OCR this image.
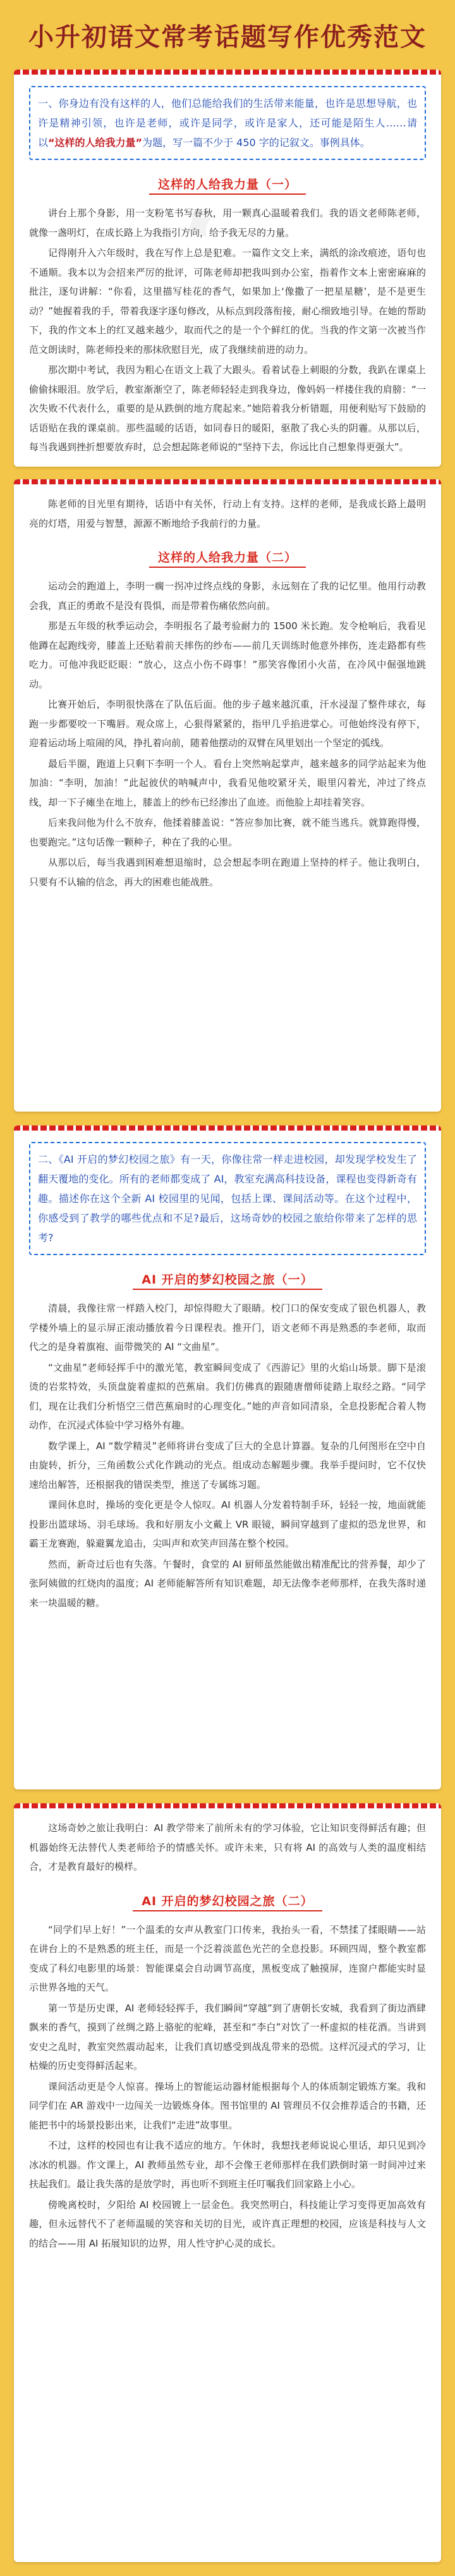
小升初语文常考话题写作优秀范文
✦
一、你身边有没有这样的人，他们总能给我们的生活带来能量，也许是思想导航，也许是精神引领，也许是老师，或许是同学，或许是家人，还可能是陌生人……请以“这样的人给我力量”为题，写一篇不少于 450 字的记叙文。事例具体。
这样的人给我力量（一）

讲台上那个身影，用一支粉笔书写春秋，用一颗真心温暖着我们。我的语文老师陈老师，就像一盏明灯，在成长路上为我指引方向，给予我无尽的力量。

记得刚升入六年级时，我在写作上总是犯难。一篇作文交上来，满纸的涂改痕迹，语句也不通顺。我本以为会招来严厉的批评，可陈老师却把我叫到办公室，指着作文本上密密麻麻的批注，逐句讲解：“你看，这里描写桂花的香气，如果加上‘像撒了一把星星糖’，是不是更生动？”她握着我的手，带着我逐字逐句修改，从标点到段落衔接，耐心细致地引导。在她的帮助下，我的作文本上的红叉越来越少，取而代之的是一个个鲜红的优。当我的作文第一次被当作范文朗读时，陈老师投来的那抹欣慰目光，成了我继续前进的动力。

那次期中考试，我因为粗心在语文上栽了大跟头。看着试卷上刺眼的分数，我趴在课桌上偷偷抹眼泪。放学后，教室渐渐空了，陈老师轻轻走到我身边，像妈妈一样搂住我的肩膀：“一次失败不代表什么，重要的是从跌倒的地方爬起来。”她陪着我分析错题，用便利贴写下鼓励的话语贴在我的课桌前。那些温暖的话语，如同春日的暖阳，驱散了我心头的阴霾。从那以后，每当我遇到挫折想要放弃时，总会想起陈老师说的“坚持下去，你远比自己想象得更强大”。

陈老师的目光里有期待，话语中有关怀，行动上有支持。这样的老师，是我成长路上最明亮的灯塔，用爱与智慧，源源不断地给予我前行的力量。

这样的人给我力量（二）

运动会的跑道上，李明一瘸一拐冲过终点线的身影，永远刻在了我的记忆里。他用行动教会我，真正的勇敢不是没有畏惧，而是带着伤痛依然向前。

那是五年级的秋季运动会，李明报名了最考验耐力的 1500 米长跑。发令枪响后，我看见他蹲在起跑线旁，膝盖上还贴着前天摔伤的纱布——前几天训练时他意外摔伤，连走路都有些吃力。可他冲我眨眨眼：“放心，这点小伤不碍事！”那笑容像团小火苗，在冷风中倔强地跳动。

比赛开始后，李明很快落在了队伍后面。他的步子越来越沉重，汗水浸湿了整件球衣，每跑一步都要咬一下嘴唇。观众席上，心狠得紧紧的，指甲几乎掐进掌心。可他始终没有停下，迎着运动场上喧闹的风，挣扎着向前，随着他摆动的双臂在风里划出一个坚定的弧线。

最后半圈，跑道上只剩下李明一个人。看台上突然响起掌声，越来越多的同学站起来为他加油：“李明，加油！”此起彼伏的呐喊声中，我看见他咬紧牙关，眼里闪着光，冲过了终点线，却一下子瘫坐在地上，膝盖上的纱布已经渗出了血迹。而他脸上却挂着笑容。

后来我问他为什么不放弃，他揉着膝盖说：“答应参加比赛，就不能当逃兵。就算跑得慢，也要跑完。”这句话像一颗种子，种在了我的心里。

从那以后，每当我遇到困难想退缩时，总会想起李明在跑道上坚持的样子。他让我明白，只要有不认输的信念，再大的困难也能战胜。

二、《AI 开启的梦幻校园之旅》有一天，你像往常一样走进校园，却发现学校发生了翻天覆地的变化。所有的老师都变成了 AI，教室充满高科技设备，课程也变得新奇有趣。描述你在这个全新 AI 校园里的见闻，包括上课、课间活动等。在这个过程中，你感受到了教学的哪些优点和不足?最后，这场奇妙的校园之旅给你带来了怎样的思考?
AI 开启的梦幻校园之旅（一）

清晨，我像往常一样踏入校门，却惊得瞪大了眼睛。校门口的保安变成了银色机器人，教学楼外墙上的显示屏正滚动播放着今日课程表。推开门，语文老师不再是熟悉的李老师，取而代之的是身着旗袍、面带微笑的 AI “文曲星”。

“文曲星”老师轻挥手中的激光笔，教室瞬间变成了《西游记》里的火焰山场景。脚下是滚烫的岩浆特效，头顶盘旋着虚拟的芭蕉扇。我们仿佛真的跟随唐僧师徒踏上取经之路。“同学们，现在让我们分析悟空三借芭蕉扇时的心理变化。”她的声音如同清泉，全息投影配合着人物动作，在沉浸式体验中学习格外有趣。

数学课上，AI “数学精灵”老师将讲台变成了巨大的全息计算器。复杂的几何图形在空中自由旋转，折分，三角函数公式化作跳动的光点。组成动态解题步骤。我举手提问时，它不仅快速给出解答，还根据我的错误类型，推送了专属练习题。

课间休息时，操场的变化更是令人惊叹。AI 机器人分发着特制手环，轻轻一按，地面就能投影出篮球场、羽毛球场。我和好朋友小文戴上 VR 眼镜，瞬间穿越到了虚拟的恐龙世界，和霸王龙赛跑，躲避翼龙追击，尖叫声和欢笑声回荡在整个校园。

然而，新奇过后也有失落。午餐时，食堂的 AI 厨师虽然能做出精准配比的营养餐，却少了张阿姨做的红烧肉的温度；AI 老师能解答所有知识难题，却无法像李老师那样，在我失落时递来一块温暖的糖。

这场奇妙之旅让我明白：AI 教学带来了前所未有的学习体验，它让知识变得鲜活有趣；但机器始终无法替代人类老师给予的情感关怀。或许未来，只有将 AI 的高效与人类的温度相结合，才是教育最好的模样。

AI 开启的梦幻校园之旅（二）

“同学们早上好！”一个温柔的女声从教室门口传来，我抬头一看，不禁揉了揉眼睛——站在讲台上的不是熟悉的班主任，而是一个泛着淡蓝色光芒的全息投影。环顾四周，整个教室都变成了科幻电影里的场景：智能课桌会自动调节高度，黑板变成了触摸屏，连窗户都能实时显示世界各地的天气。

第一节是历史课，AI 老师轻轻挥手，我们瞬间“穿越”到了唐朝长安城，我看到了街边酒肆飘来的香气，摸到了丝绸之路上骆驼的驼峰，甚至和“李白”对饮了一杯虚拟的桂花酒。当讲到安史之乱时，教室突然震动起来，让我们真切感受到战乱带来的恐慌。这样沉浸式的学习，让枯燥的历史变得鲜活起来。

课间活动更是令人惊喜。操场上的智能运动器材能根据每个人的体质制定锻炼方案。我和同学们在 AR 游戏中一边闯关一边锻炼身体。图书馆里的 AI 管理员不仅会推荐适合的书籍，还能把书中的场景投影出来，让我们“走进”故事里。

不过，这样的校园也有让我不适应的地方。午休时，我想找老师说说心里话，却只见到冷冰冰的机器。作文课上，AI 教师虽然专业，却不会像王老师那样在我们跌倒时第一时间冲过来扶起我们。最让我失落的是放学时，再也听不到班主任叮嘱我们回家路上小心。

傍晚离校时，夕阳给 AI 校园镀上一层金色。我突然明白，科技能让学习变得更加高效有趣，但永远替代不了老师温暖的笑容和关切的目光，或许真正理想的校园，应该是科技与人文的结合——用 AI 拓展知识的边界，用人性守护心灵的成长。
